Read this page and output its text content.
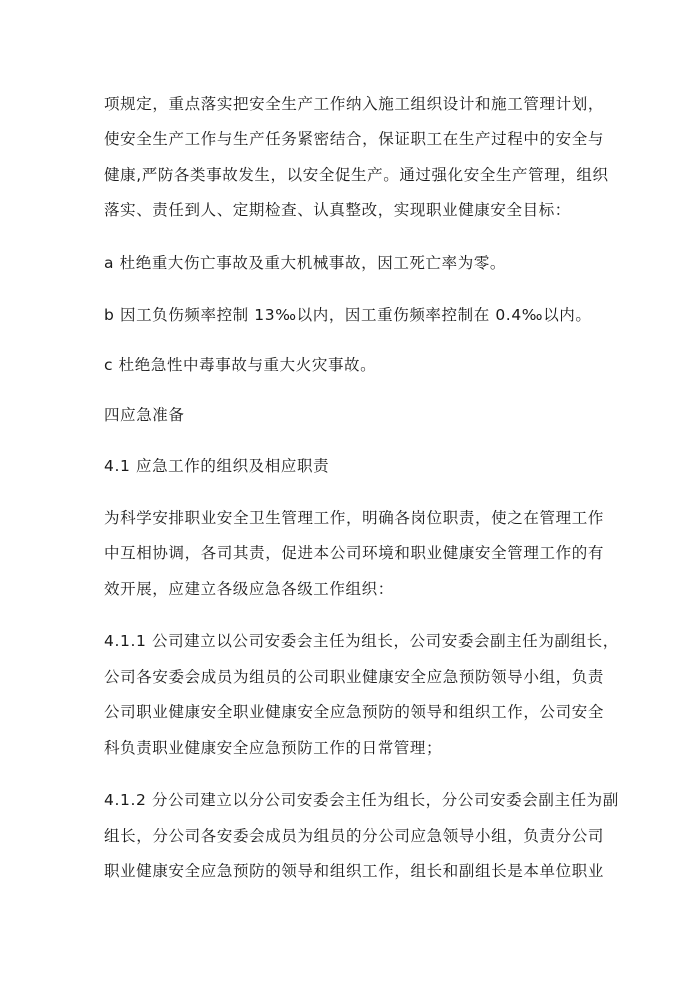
项规定，重点落实把安全生产工作纳入施工组织设计和施工管理计划，
使安全生产工作与生产任务紧密结合，保证职工在生产过程中的安全与
健康,严防各类事故发生，以安全促生产。通过强化安全生产管理，组织
落实、责任到人、定期检查、认真整改，实现职业健康安全目标：
a 杜绝重大伤亡事故及重大机械事故，因工死亡率为零。
b 因工负伤频率控制 13‰以内，因工重伤频率控制在 0.4‰以内。
c 杜绝急性中毒事故与重大火灾事故。
四应急准备
4.1 应急工作的组织及相应职责
为科学安排职业安全卫生管理工作，明确各岗位职责，使之在管理工作
中互相协调，各司其责，促进本公司环境和职业健康安全管理工作的有
效开展，应建立各级应急各级工作组织：
4.1.1 公司建立以公司安委会主任为组长，公司安委会副主任为副组长，
公司各安委会成员为组员的公司职业健康安全应急预防领导小组，负责
公司职业健康安全职业健康安全应急预防的领导和组织工作，公司安全
科负责职业健康安全应急预防工作的日常管理；
4.1.2 分公司建立以分公司安委会主任为组长，分公司安委会副主任为副
组长，分公司各安委会成员为组员的分公司应急领导小组，负责分公司
职业健康安全应急预防的领导和组织工作，组长和副组长是本单位职业
